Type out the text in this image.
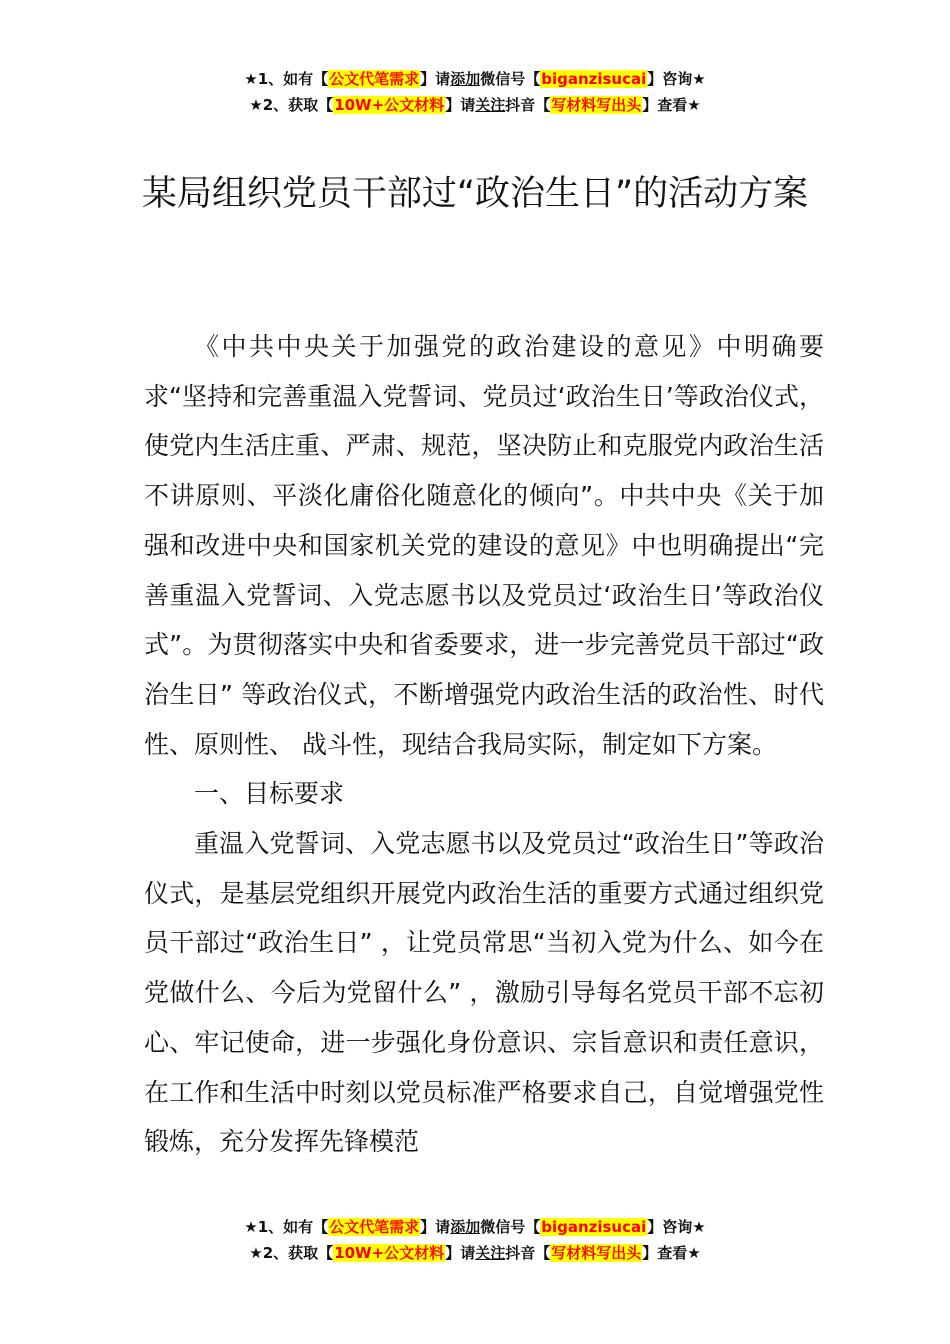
★1、如有【公文代笔需求】请添加微信号【biganzisucai】咨询★
★2、获取【10W+公文材料】请关注抖音【写材料写出头】查看★
某局组织党员干部过“政治生日”的活动方案

《中共中央关于加强党的政治建设的意见》中明确要求“坚持和完善重温入党誓词、党员过‘政治生日’等政治仪式，使党内生活庄重、严肃、规范，坚决防止和克服党内政治生活不讲原则、平淡化庸俗化随意化的倾向”。中共中央《关于加强和改进中央和国家机关党的建设的意见》中也明确提出“完善重温入党誓词、入党志愿书以及党员过‘政治生日’等政治仪式”。为贯彻落实中央和省委要求，进一步完善党员干部过“政治生日” 等政治仪式，不断增强党内政治生活的政治性、时代性、原则性、 战斗性，现结合我局实际，制定如下方案。

一、目标要求

重温入党誓词、入党志愿书以及党员过“政治生日”等政治仪式，是基层党组织开展党内政治生活的重要方式通过组织党员干部过“政治生日” ，让党员常思“当初入党为什么、如今在党做什么、今后为党留什么” ，激励引导每名党员干部不忘初心、牢记使命，进一步强化身份意识、宗旨意识和责任意识，在工作和生活中时刻以党员标准严格要求自己，自觉增强党性锻炼，充分发挥先锋模范

★1、如有【公文代笔需求】请添加微信号【biganzisucai】咨询★
★2、获取【10W+公文材料】请关注抖音【写材料写出头】查看★
